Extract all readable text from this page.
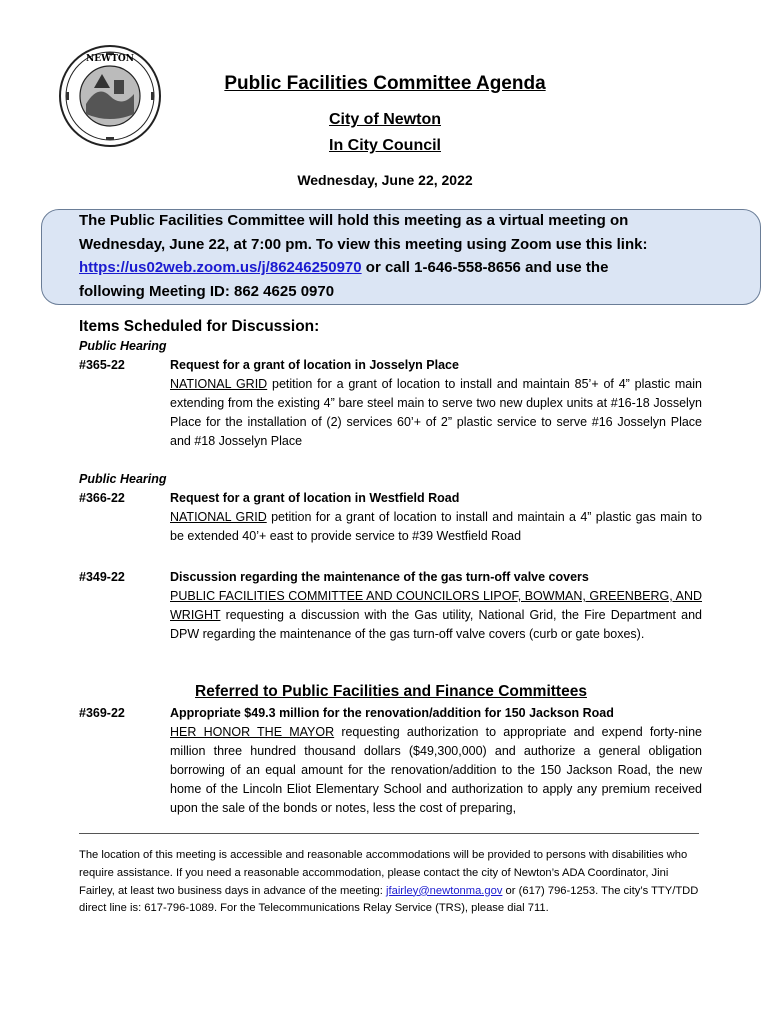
NEWTON
Public Facilities Committee Agenda
City of Newton
In City Council
Wednesday, June 22, 2022
The Public Facilities Committee will hold this meeting as a virtual meeting on
Wednesday, June 22, at 7:00 pm. To view this meeting using Zoom use this link:
https://us02web.zoom.us/j/86246250970 or call 1-646-558-8656 and use the
following Meeting ID: 862 4625 0970
Items Scheduled for Discussion:
Public Hearing
#365-22	Request for a grant of location in Josselyn Place
NATIONAL GRID petition for a grant of location to install and maintain 85’+ of 4” plastic main extending from the existing 4” bare steel main to serve two new duplex units at #16-18 Josselyn Place for the installation of (2) services 60’+ of 2” plastic service to serve #16 Josselyn Place and #18 Josselyn Place
Public Hearing
#366-22	Request for a grant of location in Westfield Road
NATIONAL GRID petition for a grant of location to install and maintain a 4” plastic gas main to be extended 40’+ east to provide service to #39 Westfield Road
#349-22	Discussion regarding the maintenance of the gas turn-off valve covers
PUBLIC FACILITIES COMMITTEE AND COUNCILORS LIPOF, BOWMAN, GREENBERG, AND WRIGHT requesting a discussion with the Gas utility, National Grid, the Fire Department and DPW regarding the maintenance of the gas turn-off valve covers (curb or gate boxes).
Referred to Public Facilities and Finance Committees
#369-22	Appropriate $49.3 million for the renovation/addition for 150 Jackson Road
HER HONOR THE MAYOR requesting authorization to appropriate and expend forty-nine million three hundred thousand dollars ($49,300,000) and authorize a general obligation borrowing of an equal amount for the renovation/addition to the 150 Jackson Road, the new home of the Lincoln Eliot Elementary School and authorization to apply any premium received upon the sale of the bonds or notes, less the cost of preparing,
The location of this meeting is accessible and reasonable accommodations will be provided to persons with disabilities who require assistance. If you need a reasonable accommodation, please contact the city of Newton’s ADA Coordinator, Jini Fairley, at least two business days in advance of the meeting: jfairley@newtonma.gov or (617) 796-1253. The city’s TTY/TDD direct line is: 617-796-1089. For the Telecommunications Relay Service (TRS), please dial 711.
